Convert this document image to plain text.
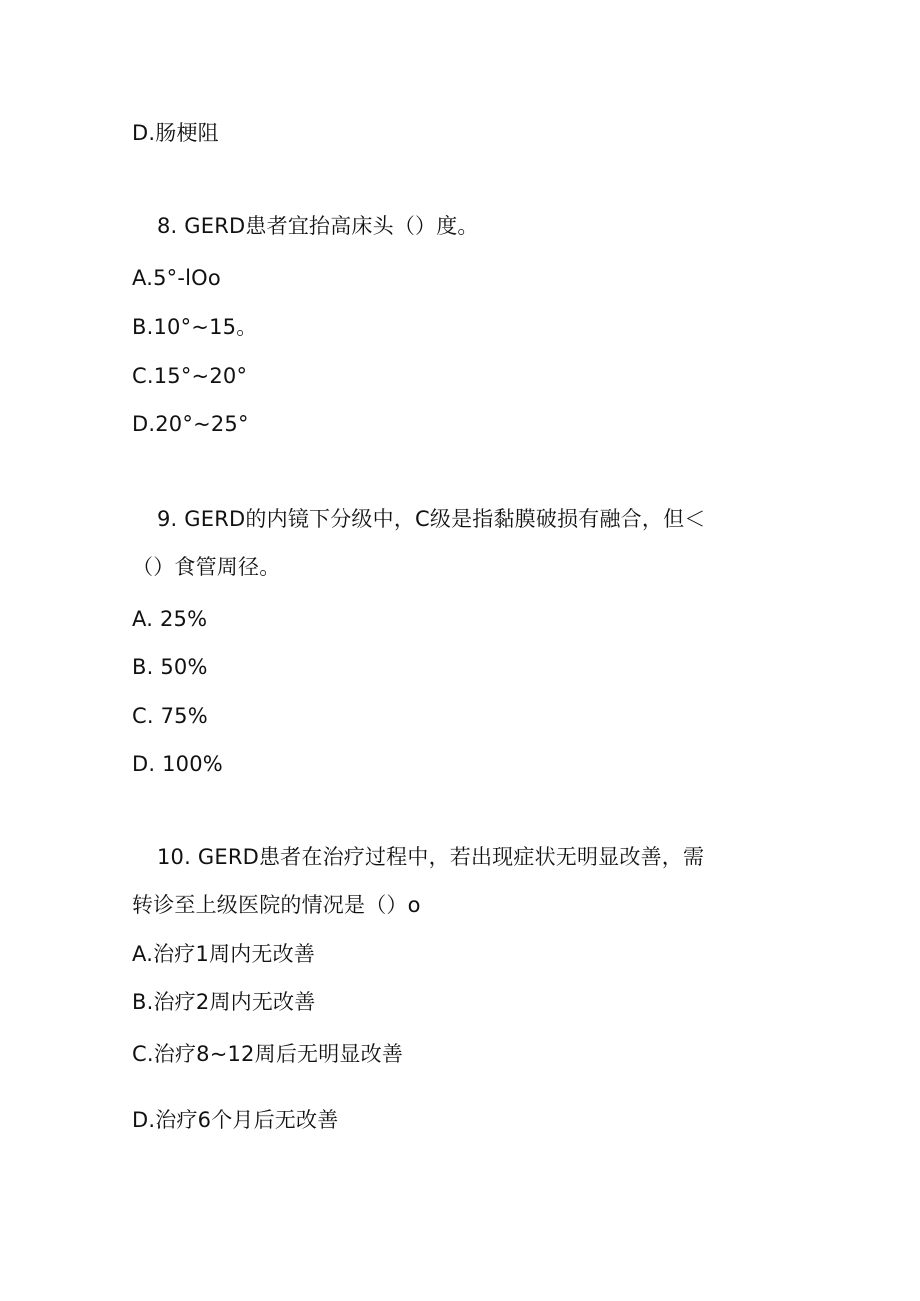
D.肠梗阻
8. GERD患者宜抬高床头（）度。
A.5°-lOo
B.10°~15。
C.15°~20°
D.20°~25°
9. GERD的内镜下分级中，C级是指黏膜破损有融合，但＜
（）食管周径。
A. 25%
B. 50%
C. 75%
D. 100%
10. GERD患者在治疗过程中，若出现症状无明显改善，需
转诊至上级医院的情况是（）o
A.治疗1周内无改善
B.治疗2周内无改善
C.治疗8~12周后无明显改善
D.治疗6个月后无改善
